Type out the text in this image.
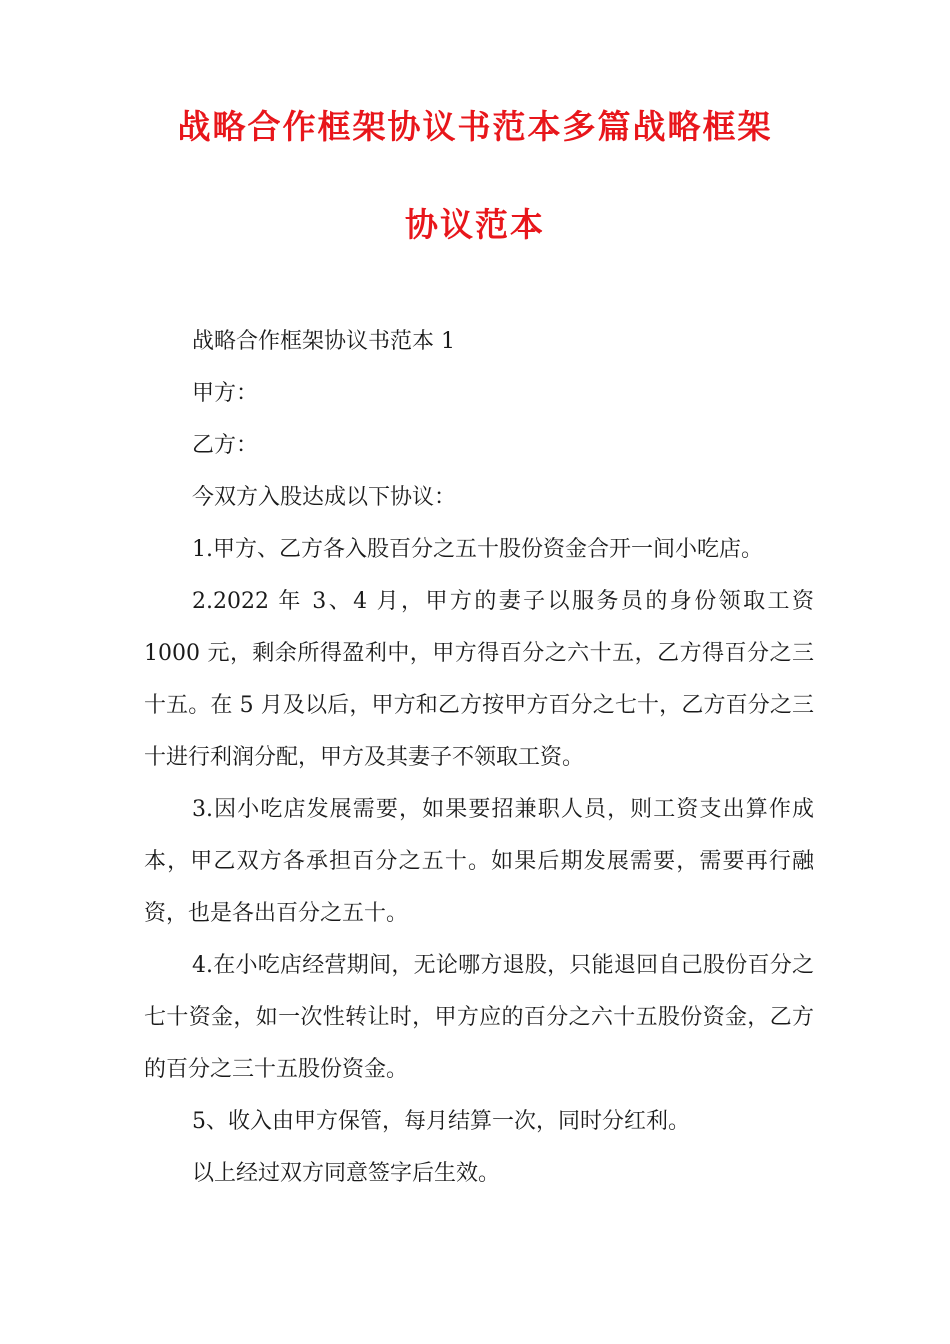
战略合作框架协议书范本多篇战略框架
协议范本

战略合作框架协议书范本 1

甲方：

乙方：

今双方入股达成以下协议：

1.甲方、乙方各入股百分之五十股份资金合开一间小吃店。

2.2022 年 3、4 月，甲方的妻子以服务员的身份领取工资 1000 元，剩余所得盈利中，甲方得百分之六十五，乙方得百分之三十五。在 5 月及以后，甲方和乙方按甲方百分之七十，乙方百分之三十进行利润分配，甲方及其妻子不领取工资。

3.因小吃店发展需要，如果要招兼职人员，则工资支出算作成本，甲乙双方各承担百分之五十。如果后期发展需要，需要再行融资，也是各出百分之五十。

4.在小吃店经营期间，无论哪方退股，只能退回自己股份百分之七十资金，如一次性转让时，甲方应的百分之六十五股份资金，乙方的百分之三十五股份资金。

5、收入由甲方保管，每月结算一次，同时分红利。

以上经过双方同意签字后生效。
